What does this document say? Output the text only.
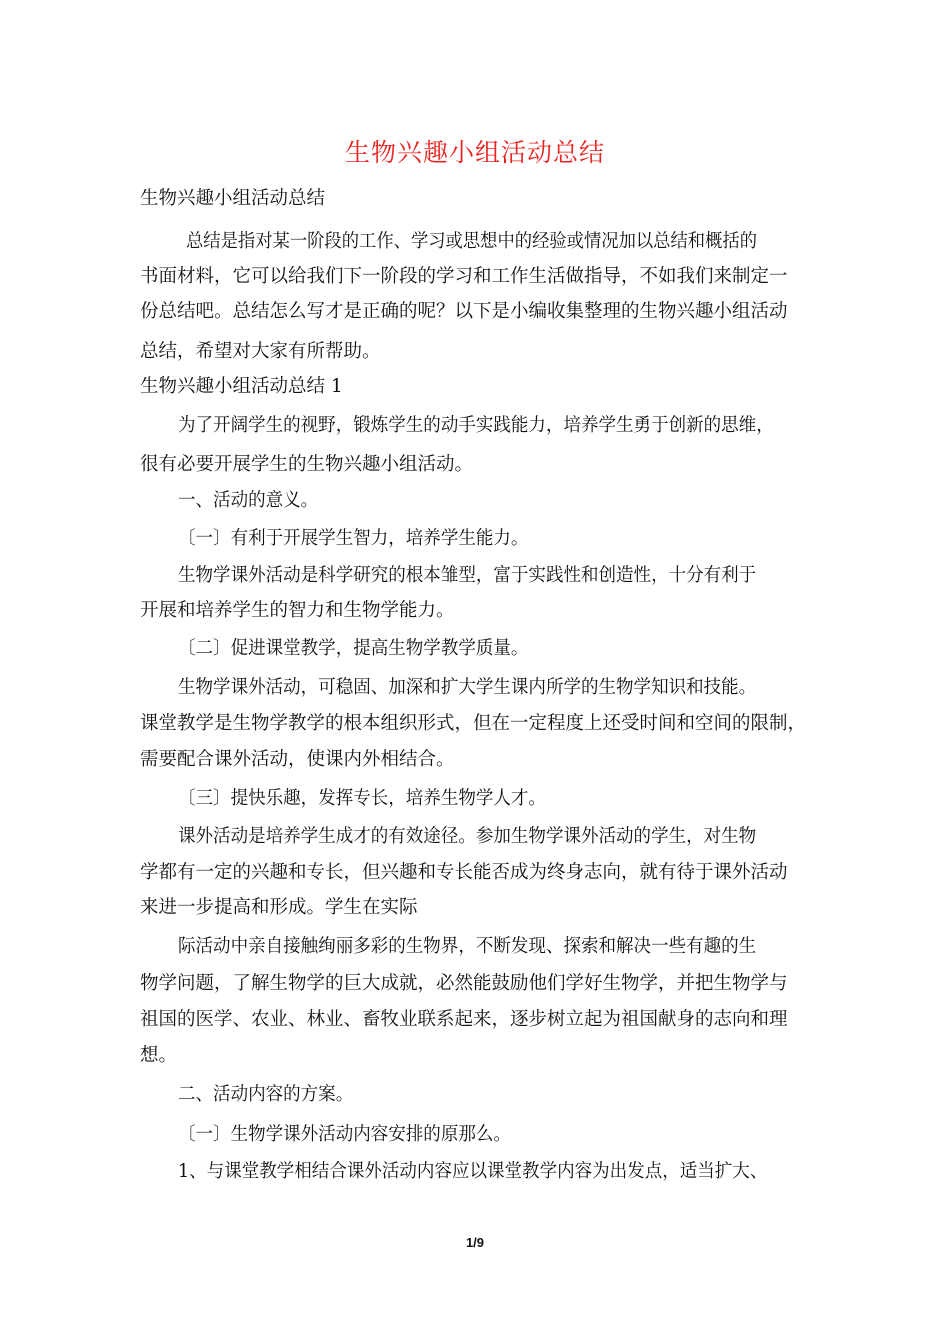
生物兴趣小组活动总结
生物兴趣小组活动总结
总结是指对某一阶段的工作、学习或思想中的经验或情况加以总结和概括的
书面材料，它可以给我们下一阶段的学习和工作生活做指导，不如我们来制定一
份总结吧。总结怎么写才是正确的呢？以下是小编收集整理的生物兴趣小组活动
总结，希望对大家有所帮助。
生物兴趣小组活动总结 1
为了开阔学生的视野，锻炼学生的动手实践能力，培养学生勇于创新的思维，
很有必要开展学生的生物兴趣小组活动。
一、活动的意义。
〔一〕有利于开展学生智力，培养学生能力。
生物学课外活动是科学研究的根本雏型，富于实践性和创造性，十分有利于
开展和培养学生的智力和生物学能力。
〔二〕促进课堂教学，提高生物学教学质量。
生物学课外活动，可稳固、加深和扩大学生课内所学的生物学知识和技能。
课堂教学是生物学教学的根本组织形式，但在一定程度上还受时间和空间的限制，
需要配合课外活动，使课内外相结合。
〔三〕提快乐趣，发挥专长，培养生物学人才。
课外活动是培养学生成才的有效途径。参加生物学课外活动的学生，对生物
学都有一定的兴趣和专长，但兴趣和专长能否成为终身志向，就有待于课外活动
来进一步提高和形成。学生在实际
际活动中亲自接触绚丽多彩的生物界，不断发现、探索和解决一些有趣的生
物学问题，了解生物学的巨大成就，必然能鼓励他们学好生物学，并把生物学与
祖国的医学、农业、林业、畜牧业联系起来，逐步树立起为祖国献身的志向和理
想。
二、活动内容的方案。
〔一〕生物学课外活动内容安排的原那么。
1、与课堂教学相结合课外活动内容应以课堂教学内容为出发点，适当扩大、
1/9
